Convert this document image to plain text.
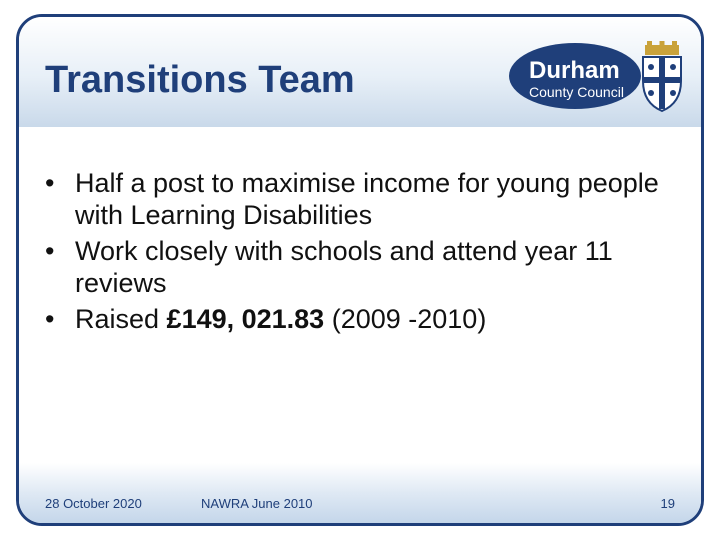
Transitions Team	Durham
County Council
• Half a post to maximise income for young people with Learning Disabilities
• Work closely with schools and attend year 11 reviews
• Raised £149, 021.83 (2009 -2010)
28 October 2020	NAWRA June 2010	19
